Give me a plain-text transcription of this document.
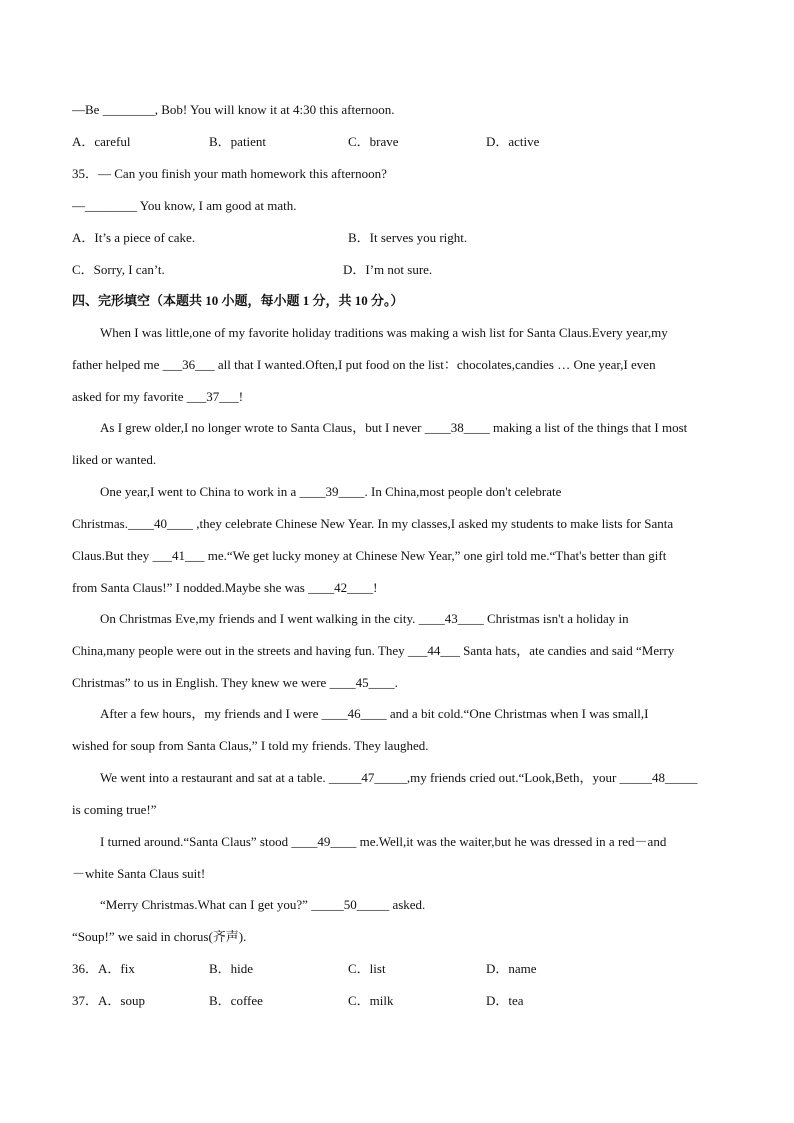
—Be ________, Bob! You will know it at 4:30 this afternoon.
A．careful	B．patient	C．brave	D．active
35．— Can you finish your math homework this afternoon?
—________ You know, I am good at math.
A．It’s a piece of cake.	B．It serves you right.
C．Sorry, I can’t.	D．I’m not sure.
四、完形填空（本题共 10 小题，每小题 1 分，共 10 分。）
When I was little,one of my favorite holiday traditions was making a wish list for Santa Claus.Every year,my
father helped me ___36___ all that I wanted.Often,I put food on the list：chocolates,candies … One year,I even
asked for my favorite ___37___!
As I grew older,I no longer wrote to Santa Claus，but I never ____38____ making a list of the things that I most
liked or wanted.
One year,I went to China to work in a ____39____. In China,most people don't celebrate
Christmas.____40____ ,they celebrate Chinese New Year. In my classes,I asked my students to make lists for Santa
Claus.But they ___41___ me.“We get lucky money at Chinese New Year,” one girl told me.“That's better than gift
from Santa Claus!” I nodded.Maybe she was ____42____!
On Christmas Eve,my friends and I went walking in the city. ____43____ Christmas isn't a holiday in
China,many people were out in the streets and having fun. They ___44___ Santa hats，ate candies and said “Merry
Christmas” to us in English. They knew we were ____45____.
After a few hours，my friends and I were ____46____ and a bit cold.“One Christmas when I was small,I
wished for soup from Santa Claus,” I told my friends. They laughed.
We went into a restaurant and sat at a table. _____47_____,my friends cried out.“Look,Beth，your _____48_____
is coming true!”
I turned around.“Santa Claus” stood ____49____ me.Well,it was the waiter,but he was dressed in a red－and
－white Santa Claus suit!
“Merry Christmas.What can I get you?” _____50_____ asked.
“Soup!” we said in chorus(齐声).
36．A．fix	B．hide	C．list	D．name
37．A．soup	B．coffee	C．milk	D．tea
